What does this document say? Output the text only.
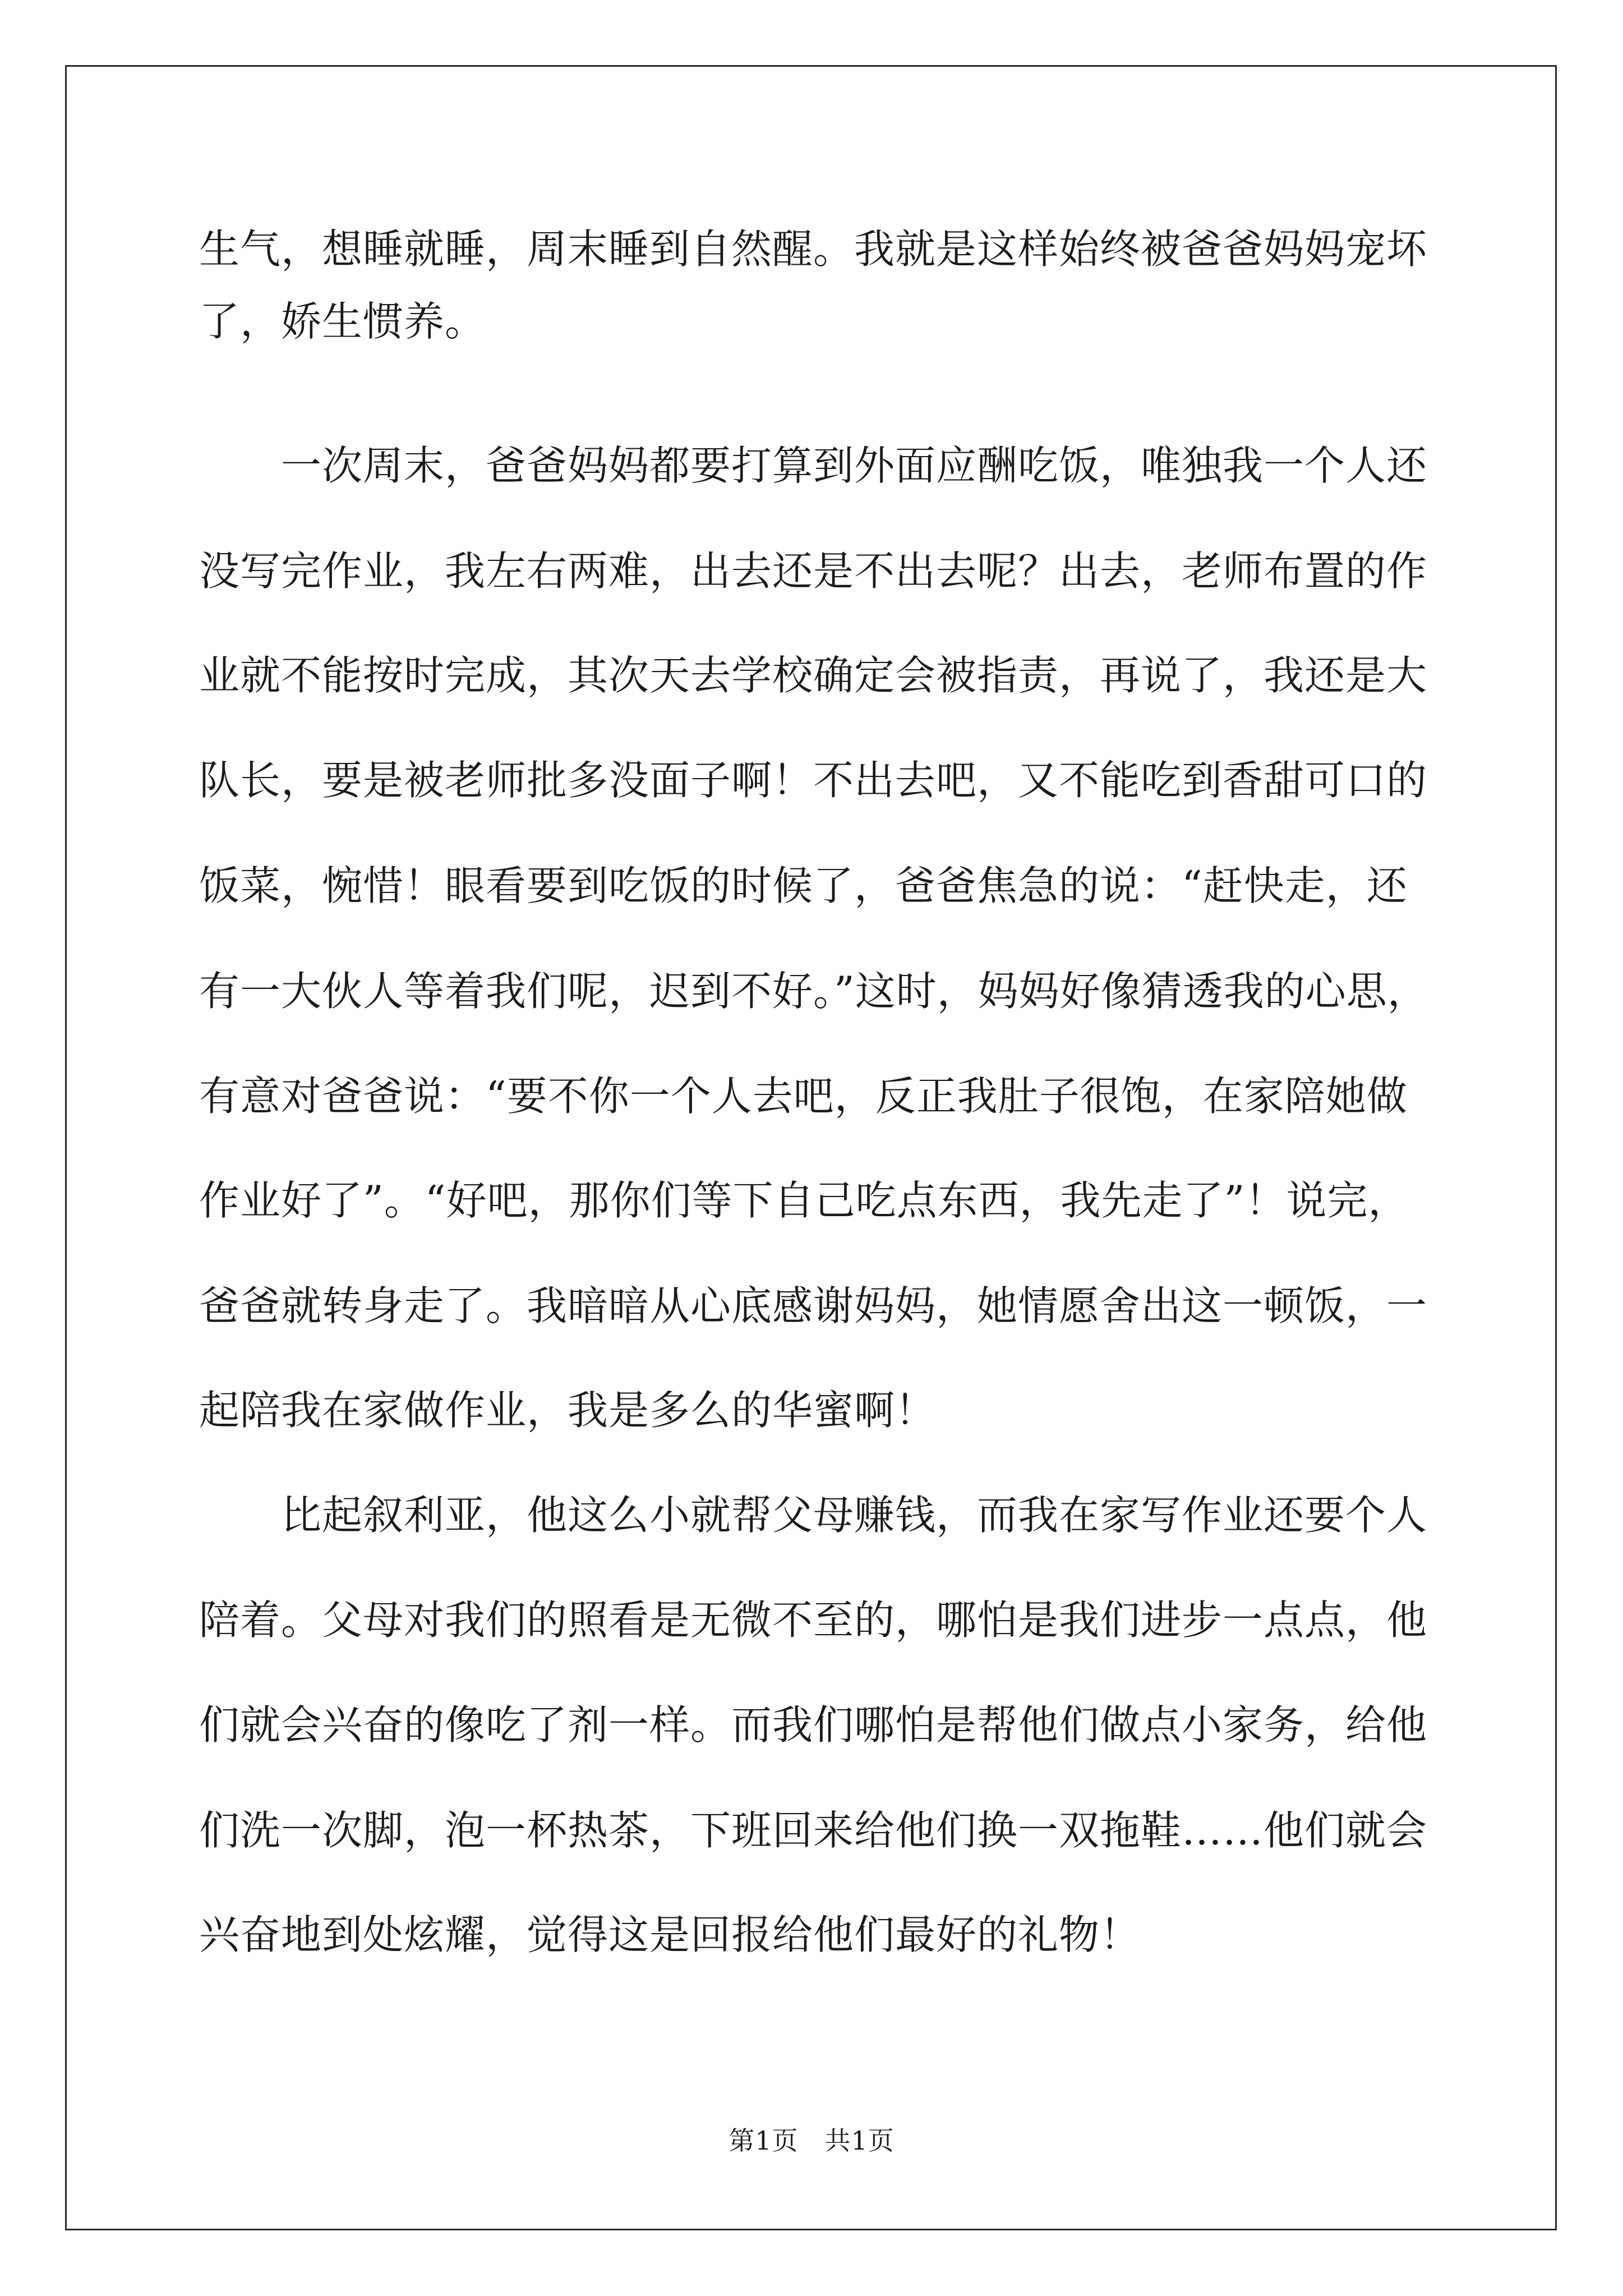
生气，想睡就睡，周末睡到自然醒。我就是这样始终被爸爸妈妈宠坏
了，娇生惯养。
　　一次周末，爸爸妈妈都要打算到外面应酬吃饭，唯独我一个人还
没写完作业，我左右两难，出去还是不出去呢？出去，老师布置的作
业就不能按时完成，其次天去学校确定会被指责，再说了，我还是大
队长，要是被老师批多没面子啊！不出去吧，又不能吃到香甜可口的
饭菜，惋惜！眼看要到吃饭的时候了，爸爸焦急的说：“赶快走，还
有一大伙人等着我们呢，迟到不好。”这时，妈妈好像猜透我的心思，
有意对爸爸说：“要不你一个人去吧，反正我肚子很饱，在家陪她做
作业好了”。“好吧，那你们等下自己吃点东西，我先走了”！说完，
爸爸就转身走了。我暗暗从心底感谢妈妈，她情愿舍出这一顿饭，一
起陪我在家做作业，我是多么的华蜜啊！
　　比起叙利亚，他这么小就帮父母赚钱，而我在家写作业还要个人
陪着。父母对我们的照看是无微不至的，哪怕是我们进步一点点，他
们就会兴奋的像吃了剂一样。而我们哪怕是帮他们做点小家务，给他
们洗一次脚，泡一杯热茶，下班回来给他们换一双拖鞋……他们就会
兴奋地到处炫耀，觉得这是回报给他们最好的礼物！
第1页　共1页
